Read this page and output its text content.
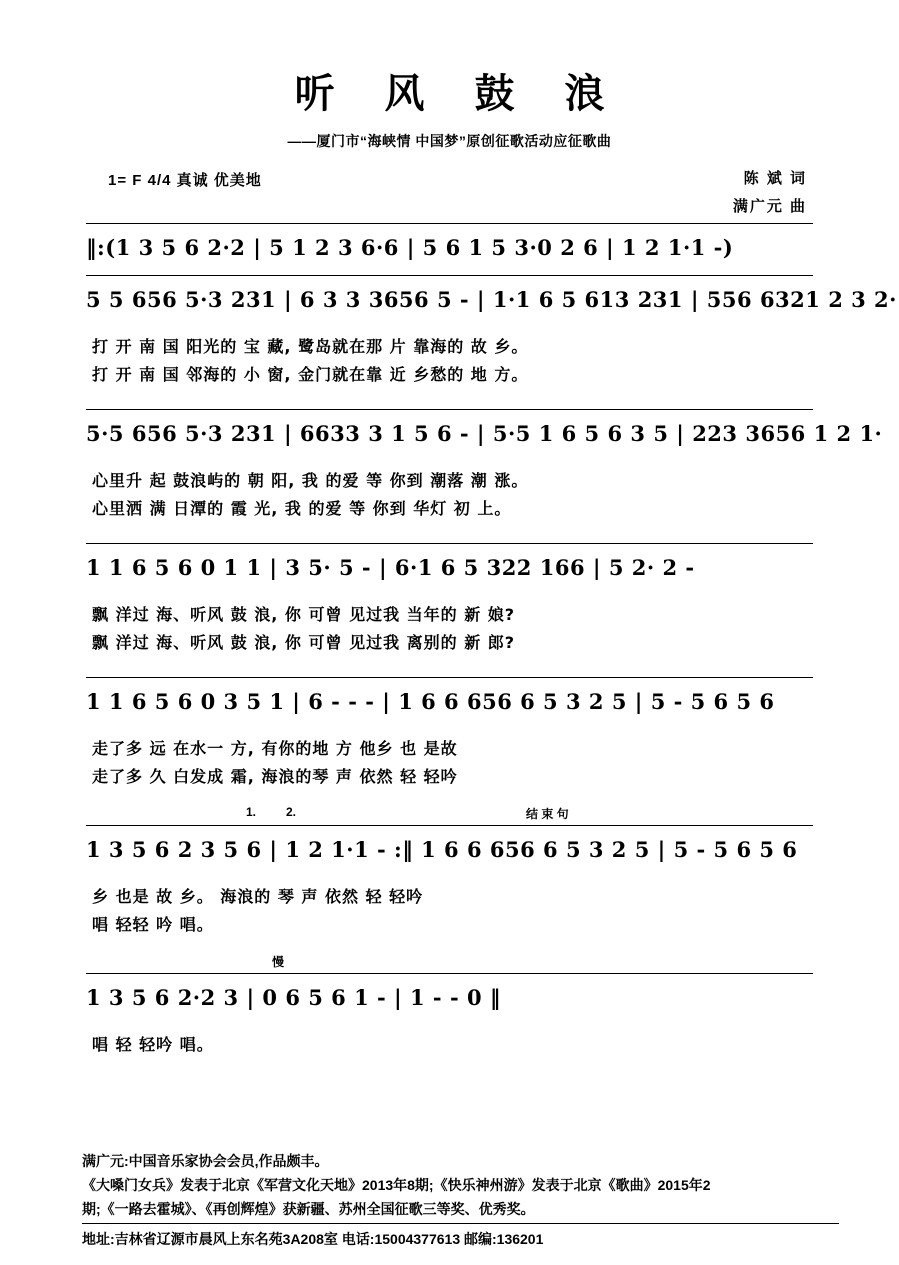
听 风 鼓 浪
——厦门市“海峡情 中国梦”原创征歌活动应征歌曲
1= F 4/4 真诚 优美地	陈 斌 词
满广元 曲
‖:(1 3 5 6 2·2 | 5 1 2 3 6·6 | 5 6 1 5 3·0 2 6 | 1 2 1·1 -)
5 5 656 5·3 231 | 6 3 3 3656 5 - | 1·1 6 5 613 231 | 556 6321 2 3 2·
打 开 南 国 阳光的 宝 藏, 鹭岛就在那 片 靠海的 故 乡。
打 开 南 国 邻海的 小 窗, 金门就在靠 近 乡愁的 地 方。
5·5 656 5·3 231 | 6633 3 1 5 6 - | 5·5 1 6 5 6 3 5 | 223 3656 1 2 1·
心里升 起 鼓浪屿的 朝 阳, 我 的爱 等 你到 潮落 潮 涨。
心里洒 满 日潭的 霞 光, 我 的爱 等 你到 华灯 初 上。
1 1 6 5 6 0 1 1 | 3 5· 5 - | 6·1 6 5 322 166 | 5 2· 2 -
飘 洋过 海、听风 鼓 浪, 你 可曾 见过我 当年的 新 娘?
飘 洋过 海、听风 鼓 浪, 你 可曾 见过我 离别的 新 郎?
1 1 6 5 6 0 3 5 1 | 6 - - - | 1 6 6 656 6 5 3 2 5 | 5 - 5 6 5 6
走了多 远 在水一 方, 有你的地 方 他乡 也 是故
走了多 久 白发成 霜, 海浪的琴 声 依然 轻 轻吟
1. 2.	结 束 句
1 3 5 6 2 3 5 6 | 1 2 1·1 - :‖ 1 6 6 656 6 5 3 2 5 | 5 - 5 6 5 6
乡 也是 故 乡。 海浪的 琴 声 依然 轻 轻吟
唱 轻轻 吟 唱。
慢
1 3 5 6 2·2 3 | 0 6 5 6 1 - | 1 - - 0 ‖
唱 轻 轻吟 唱。
满广元:中国音乐家协会会员,作品颇丰。
《大嗓门女兵》发表于北京《军营文化天地》2013年8期;《快乐神州游》发表于北京《歌曲》2015年2
期;《一路去霍城》、《再创辉煌》获新疆、苏州全国征歌三等奖、优秀奖。
地址:吉林省辽源市晨风上东名苑3A208室 电话:15004377613 邮编:136201
